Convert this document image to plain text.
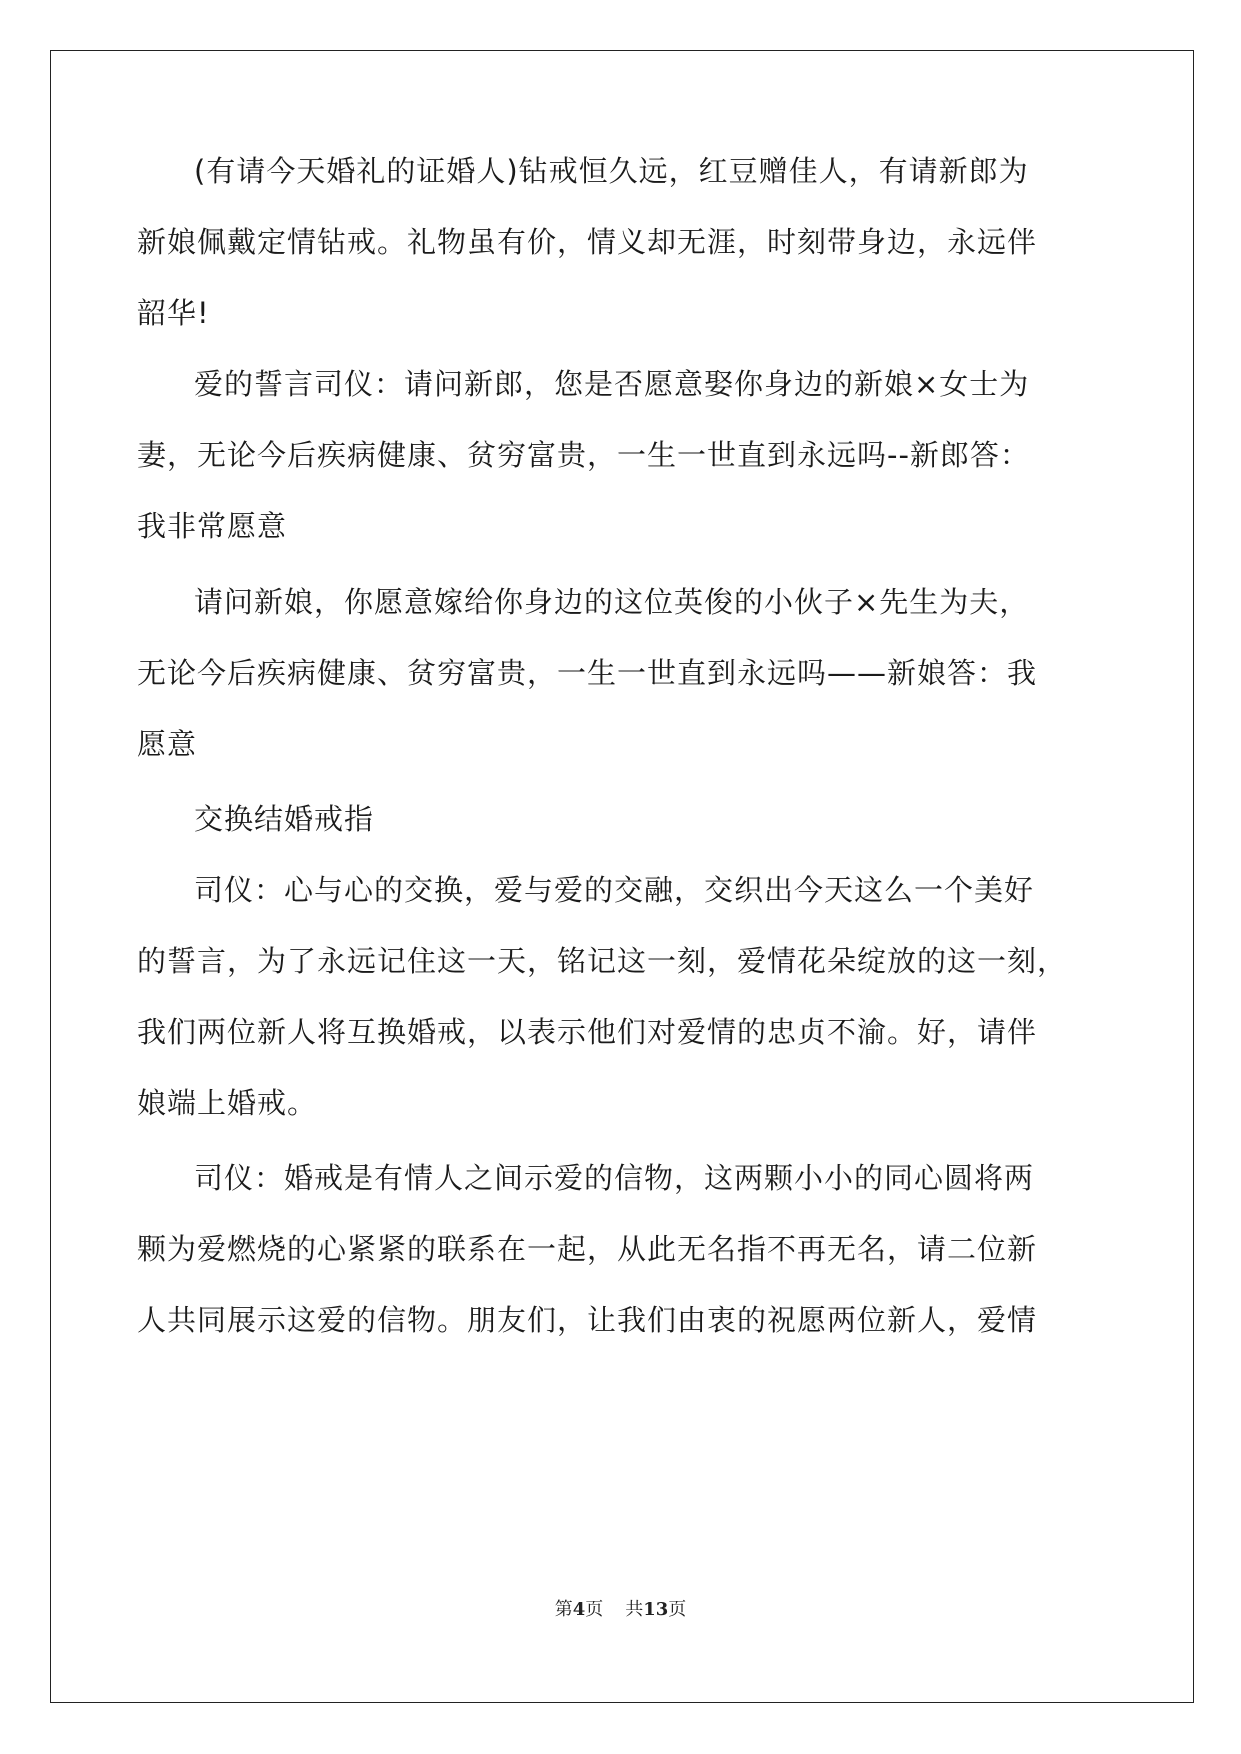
(有请今天婚礼的证婚人)钻戒恒久远，红豆赠佳人，有请新郎为
新娘佩戴定情钻戒。礼物虽有价，情义却无涯，时刻带身边，永远伴
韶华!
爱的誓言司仪：请问新郎，您是否愿意娶你身边的新娘×女士为
妻，无论今后疾病健康、贫穷富贵，一生一世直到永远吗--新郎答：
我非常愿意
请问新娘，你愿意嫁给你身边的这位英俊的小伙子×先生为夫，
无论今后疾病健康、贫穷富贵，一生一世直到永远吗——新娘答：我
愿意
交换结婚戒指
司仪：心与心的交换，爱与爱的交融，交织出今天这么一个美好
的誓言，为了永远记住这一天，铭记这一刻，爱情花朵绽放的这一刻，
我们两位新人将互换婚戒，以表示他们对爱情的忠贞不渝。好，请伴
娘端上婚戒。
司仪：婚戒是有情人之间示爱的信物，这两颗小小的同心圆将两
颗为爱燃烧的心紧紧的联系在一起，从此无名指不再无名，请二位新
人共同展示这爱的信物。朋友们，让我们由衷的祝愿两位新人，爱情
第4页 共13页
